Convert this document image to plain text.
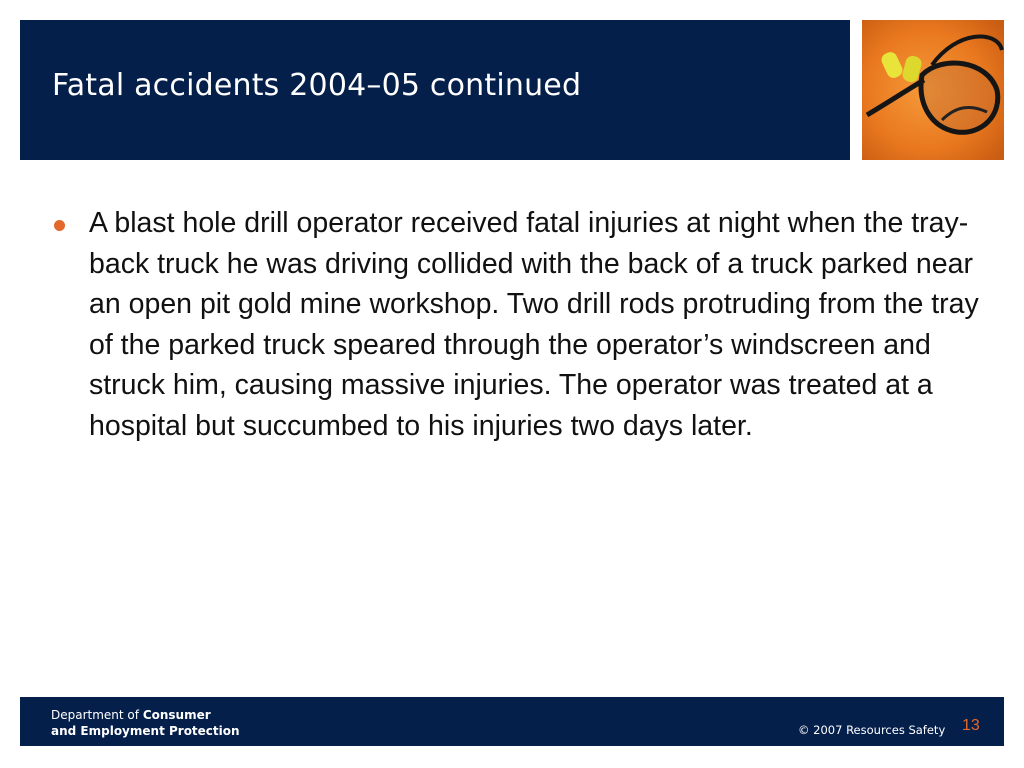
Fatal accidents 2004–05 continued
A blast hole drill operator received fatal injuries at night when the tray-back truck he was driving collided with the back of a truck parked near an open pit gold mine workshop. Two drill rods protruding from the tray of the parked truck speared through the operator’s windscreen and struck him, causing massive injuries. The operator was treated at a hospital but succumbed to his injuries two days later.
Department of Consumer
and Employment Protection	© 2007 Resources Safety 13
